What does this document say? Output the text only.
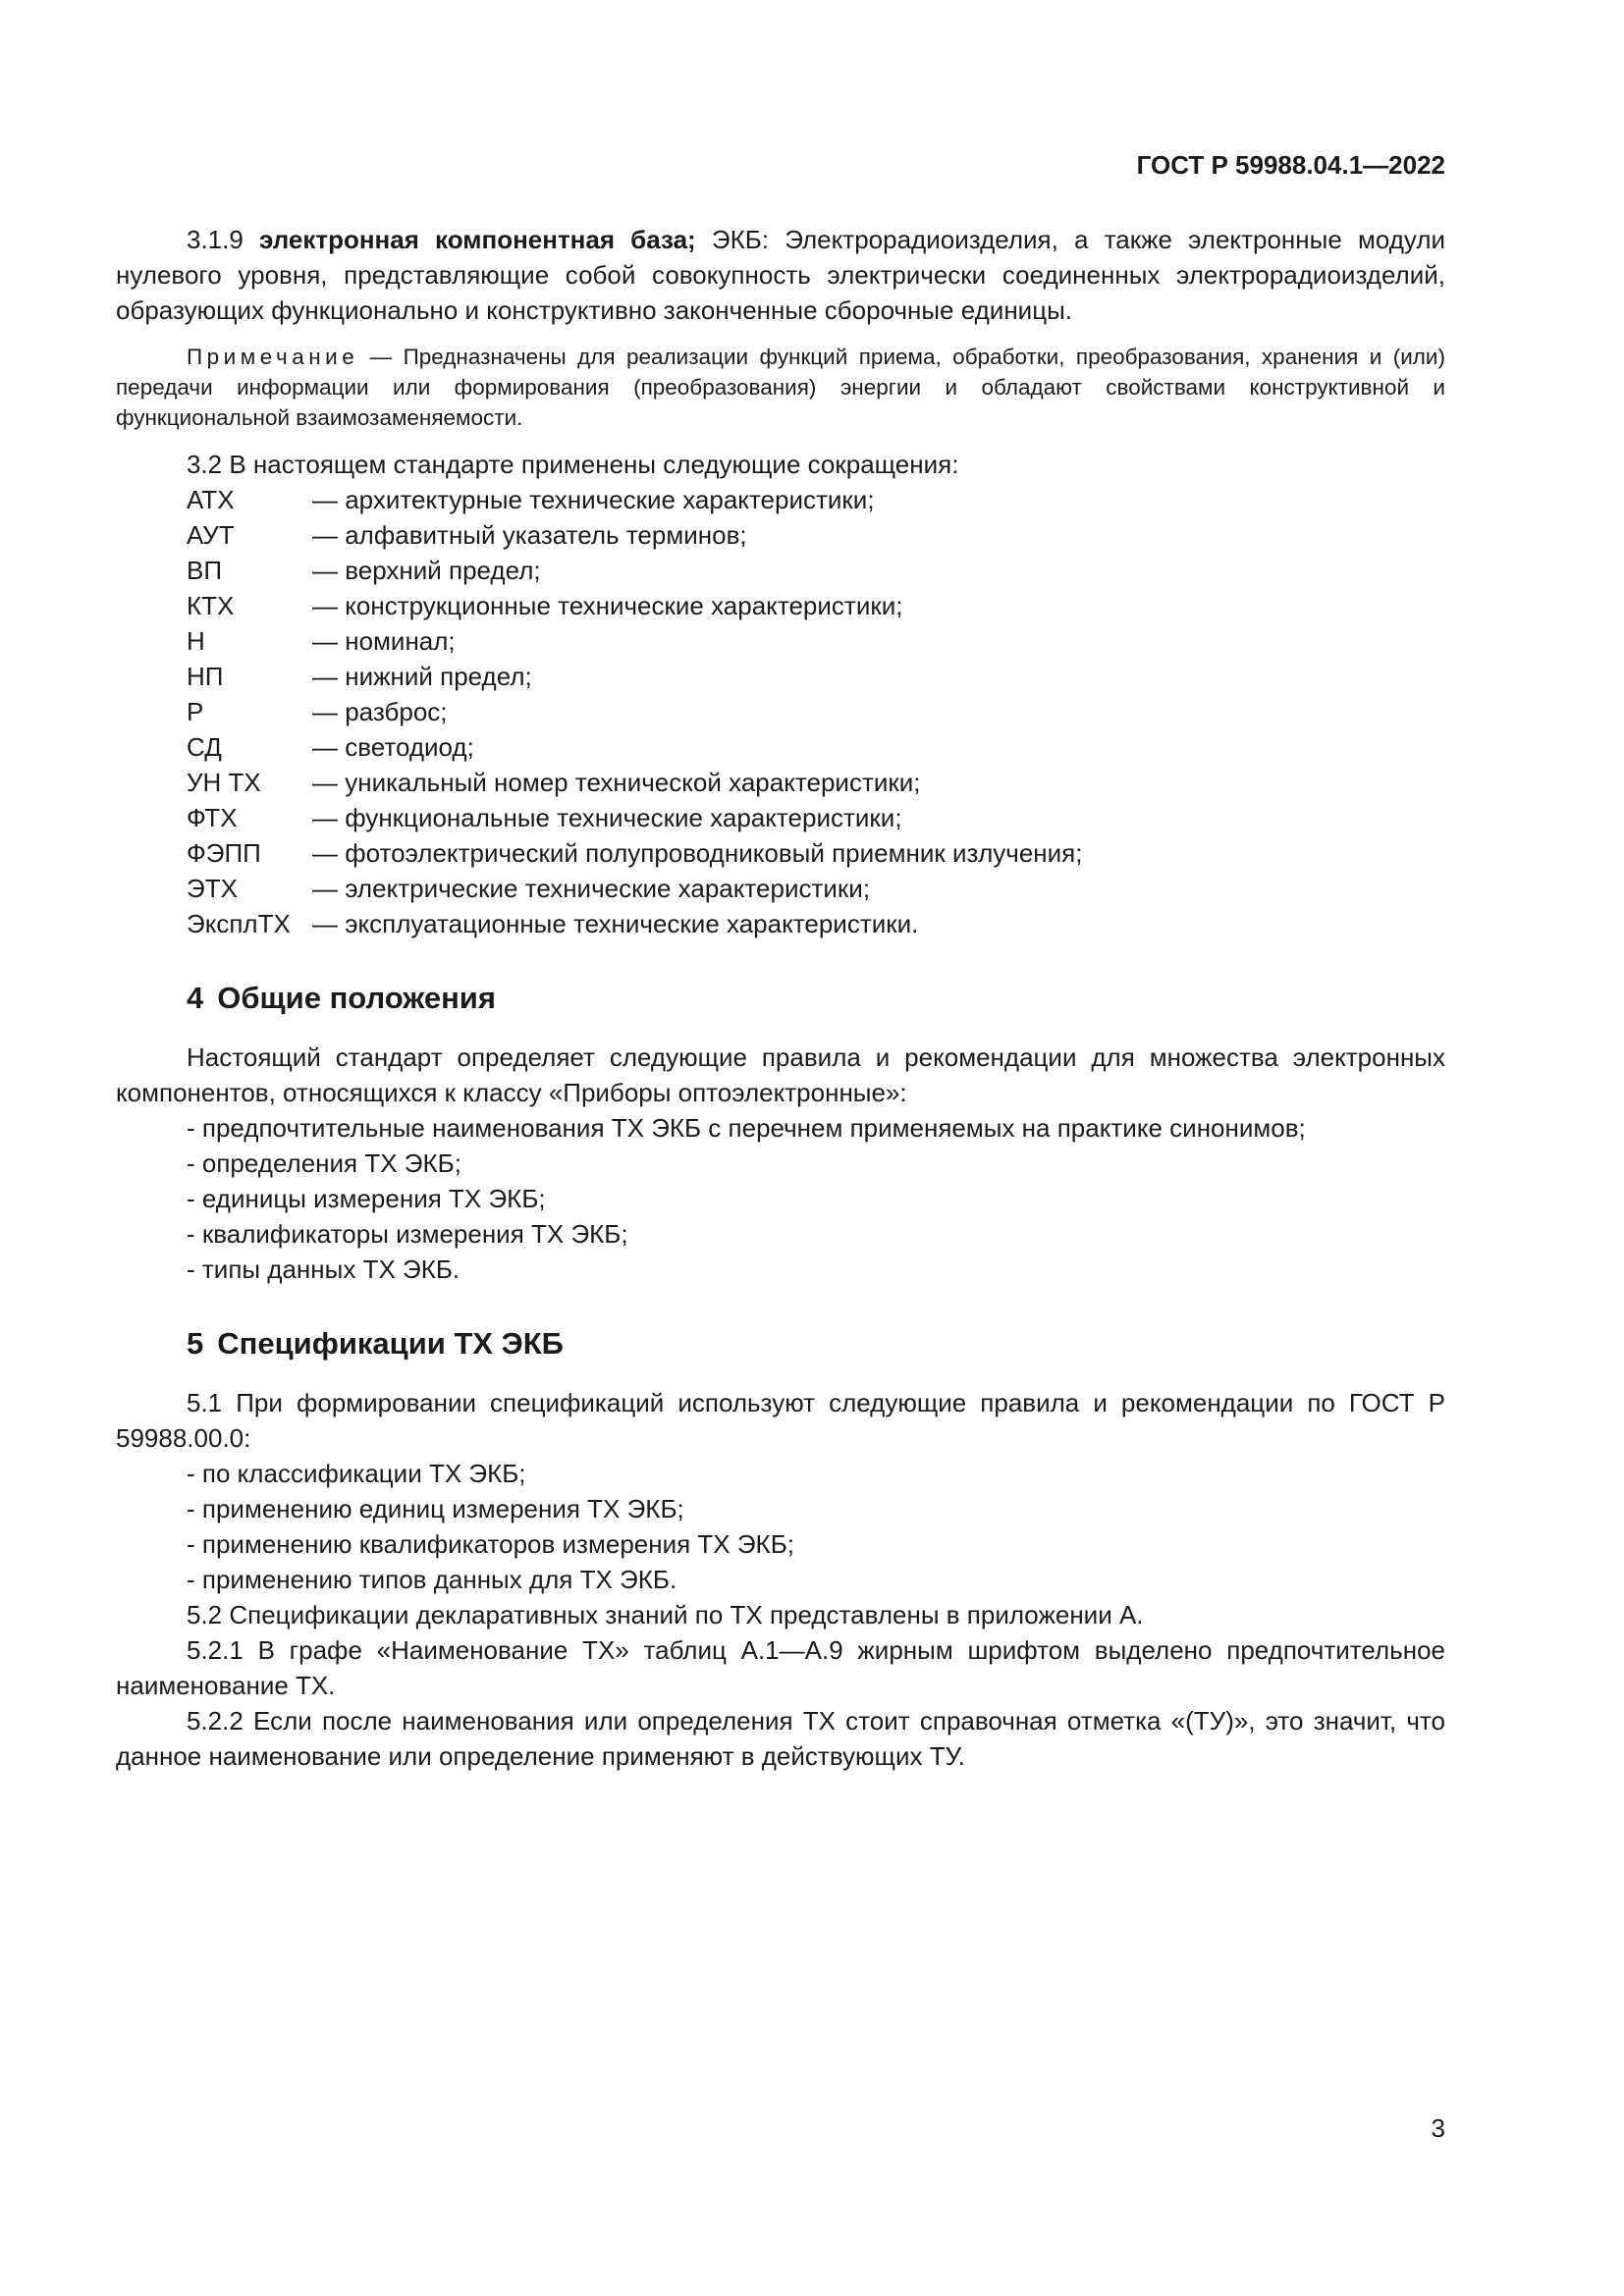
ГОСТ Р 59988.04.1—2022

3.1.9 электронная компонентная база; ЭКБ: Электрорадиоизделия, а также электронные модули нулевого уровня, представляющие собой совокупность электрически соединенных электрорадиоизделий, образующих функционально и конструктивно законченные сборочные единицы.

Примечание — Предназначены для реализации функций приема, обработки, преобразования, хранения и (или) передачи информации или формирования (преобразования) энергии и обладают свойствами конструктивной и функциональной взаимозаменяемости.

3.2 В настоящем стандарте применены следующие сокращения:

АТХ	— архитектурные технические характеристики;
АУТ	— алфавитный указатель терминов;
ВП	— верхний предел;
КТХ	— конструкционные технические характеристики;
Н	— номинал;
НП	— нижний предел;
Р	— разброс;
СД	— светодиод;
УН ТХ	— уникальный номер технической характеристики;
ФТХ	— функциональные технические характеристики;
ФЭПП	— фотоэлектрический полупроводниковый приемник излучения;
ЭТХ	— электрические технические характеристики;
ЭксплТХ — эксплуатационные технические характеристики.
4 Общие положения

Настоящий стандарт определяет следующие правила и рекомендации для множества электронных компонентов, относящихся к классу «Приборы оптоэлектронные»:

- предпочтительные наименования ТХ ЭКБ с перечнем применяемых на практике синонимов;
- определения ТХ ЭКБ;
- единицы измерения ТХ ЭКБ;
- квалификаторы измерения ТХ ЭКБ;
- типы данных ТХ ЭКБ.
5 Спецификации ТХ ЭКБ

5.1 При формировании спецификаций используют следующие правила и рекомендации по ГОСТ Р 59988.00.0:

- по классификации ТХ ЭКБ;
- применению единиц измерения ТХ ЭКБ;
- применению квалификаторов измерения ТХ ЭКБ;
- применению типов данных для ТХ ЭКБ.

5.2 Спецификации декларативных знаний по ТХ представлены в приложении А.

5.2.1 В графе «Наименование ТХ» таблиц А.1—А.9 жирным шрифтом выделено предпочтительное наименование ТХ.

5.2.2 Если после наименования или определения ТХ стоит справочная отметка «(ТУ)», это значит, что данное наименование или определение применяют в действующих ТУ.

3
